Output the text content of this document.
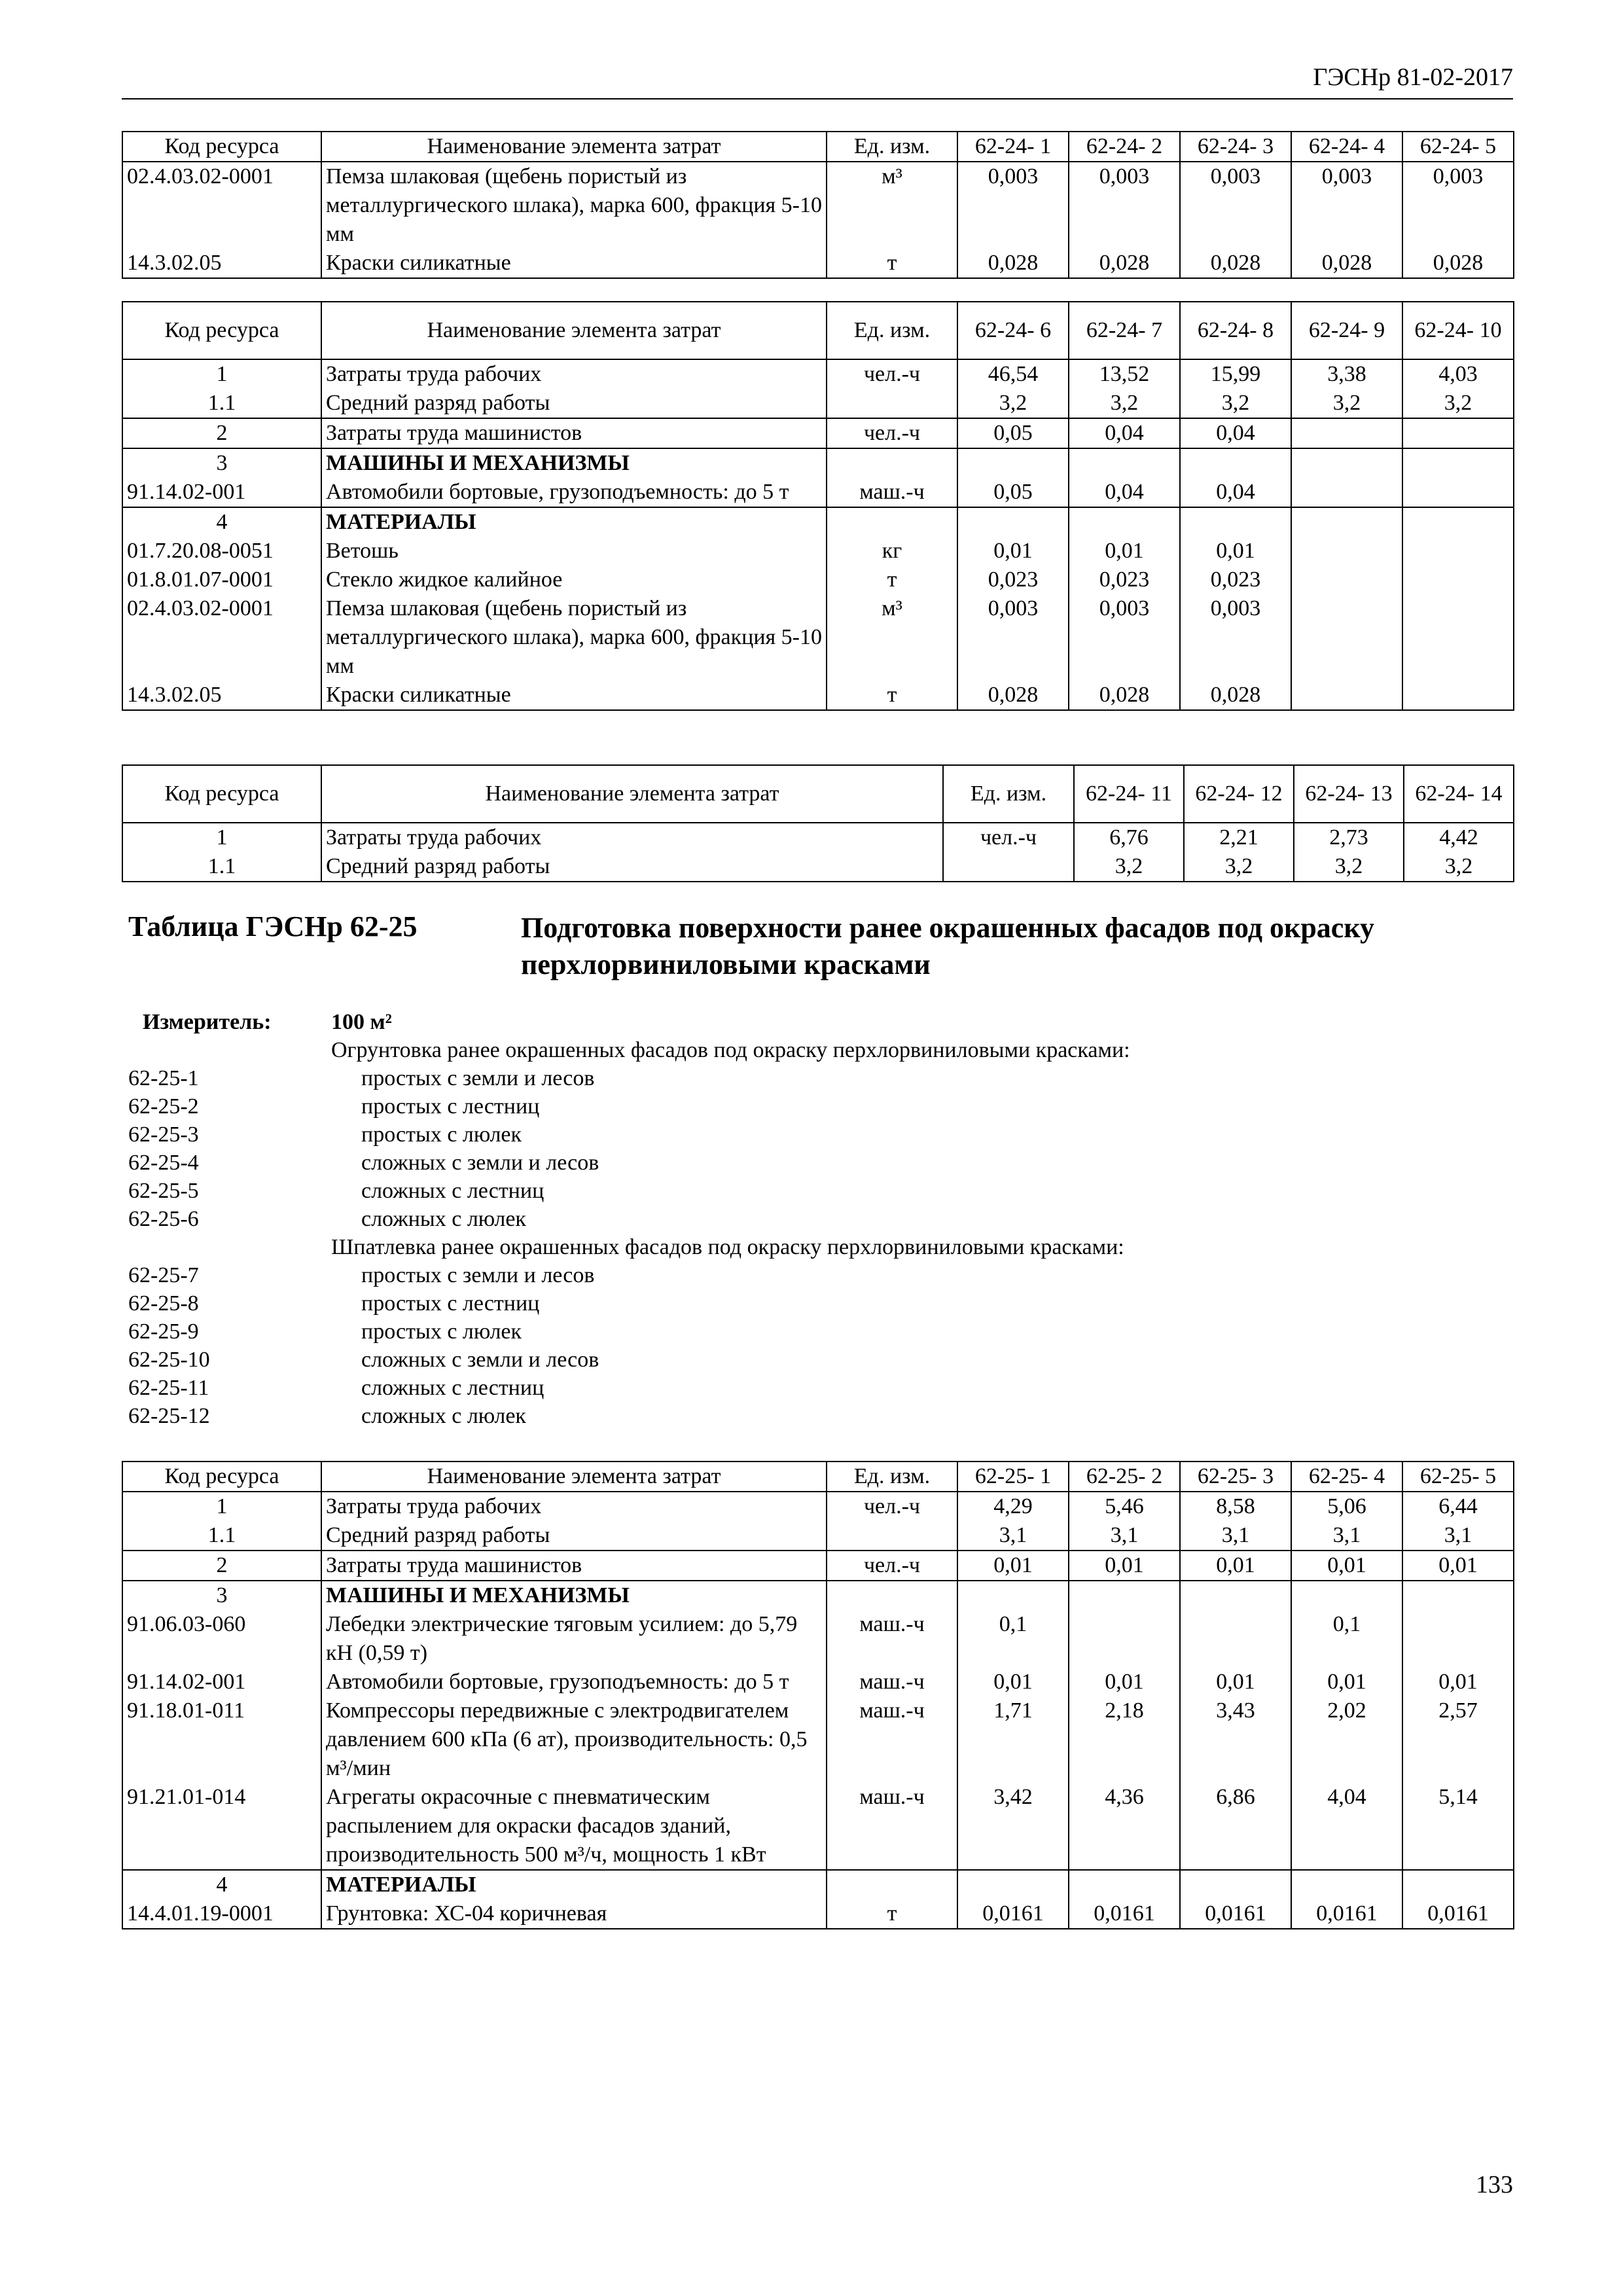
ГЭСНр 81-02-2017
Код ресурса	Наименование элемента затрат	Ед. изм.	62-24- 1	62-24- 2	62-24- 3	62-24- 4	62-24- 5
02.4.03.02-0001	Пемза шлаковая (щебень пористый из металлургического шлака), марка 600, фракция 5-10 мм	м³	0,003	0,003	0,003	0,003	0,003
14.3.02.05	Краски силикатные	т	0,028	0,028	0,028	0,028	0,028
Код ресурса	Наименование элемента затрат	Ед. изм.	62-24- 6	62-24- 7	62-24- 8	62-24- 9	62-24- 10
1	Затраты труда рабочих	чел.-ч	46,54	13,52	15,99	3,38	4,03
1.1	Средний разряд работы		3,2	3,2	3,2	3,2	3,2
2	Затраты труда машинистов	чел.-ч	0,05	0,04	0,04		
3	МАШИНЫ И МЕХАНИЗМЫ						
91.14.02-001	Автомобили бортовые, грузоподъемность: до 5 т	маш.-ч	0,05	0,04	0,04		
4	МАТЕРИАЛЫ						
01.7.20.08-0051	Ветошь	кг	0,01	0,01	0,01		
01.8.01.07-0001	Стекло жидкое калийное	т	0,023	0,023	0,023		
02.4.03.02-0001	Пемза шлаковая (щебень пористый из металлургического шлака), марка 600, фракция 5-10 мм	м³	0,003	0,003	0,003		
14.3.02.05	Краски силикатные	т	0,028	0,028	0,028		
Код ресурса	Наименование элемента затрат	Ед. изм.	62-24- 11	62-24- 12	62-24- 13	62-24- 14
1	Затраты труда рабочих	чел.-ч	6,76	2,21	2,73	4,42
1.1	Средний разряд работы		3,2	3,2	3,2	3,2
Таблица ГЭСНр 62-25	Подготовка поверхности ранее окрашенных фасадов под окраску перхлорвиниловыми красками
Измеритель:	100 м²
Огрунтовка ранее окрашенных фасадов под окраску перхлорвиниловыми красками:
62-25-1	простых с земли и лесов
62-25-2	простых с лестниц
62-25-3	простых с люлек
62-25-4	сложных с земли и лесов
62-25-5	сложных с лестниц
62-25-6	сложных с люлек
Шпатлевка ранее окрашенных фасадов под окраску перхлорвиниловыми красками:
62-25-7	простых с земли и лесов
62-25-8	простых с лестниц
62-25-9	простых с люлек
62-25-10	сложных с земли и лесов
62-25-11	сложных с лестниц
62-25-12	сложных с люлек
Код ресурса	Наименование элемента затрат	Ед. изм.	62-25- 1	62-25- 2	62-25- 3	62-25- 4	62-25- 5
1	Затраты труда рабочих	чел.-ч	4,29	5,46	8,58	5,06	6,44
1.1	Средний разряд работы		3,1	3,1	3,1	3,1	3,1
2	Затраты труда машинистов	чел.-ч	0,01	0,01	0,01	0,01	0,01
3	МАШИНЫ И МЕХАНИЗМЫ						
91.06.03-060	Лебедки электрические тяговым усилием: до 5,79 кН (0,59 т)	маш.-ч	0,1			0,1	
91.14.02-001	Автомобили бортовые, грузоподъемность: до 5 т	маш.-ч	0,01	0,01	0,01	0,01	0,01
91.18.01-011	Компрессоры передвижные с электродвигателем давлением 600 кПа (6 ат), производительность: 0,5 м³/мин	маш.-ч	1,71	2,18	3,43	2,02	2,57
91.21.01-014	Агрегаты окрасочные с пневматическим распылением для окраски фасадов зданий, производительность 500 м³/ч, мощность 1 кВт	маш.-ч	3,42	4,36	6,86	4,04	5,14
4	МАТЕРИАЛЫ						
14.4.01.19-0001	Грунтовка: ХС-04 коричневая	т	0,0161	0,0161	0,0161	0,0161	0,0161
133
